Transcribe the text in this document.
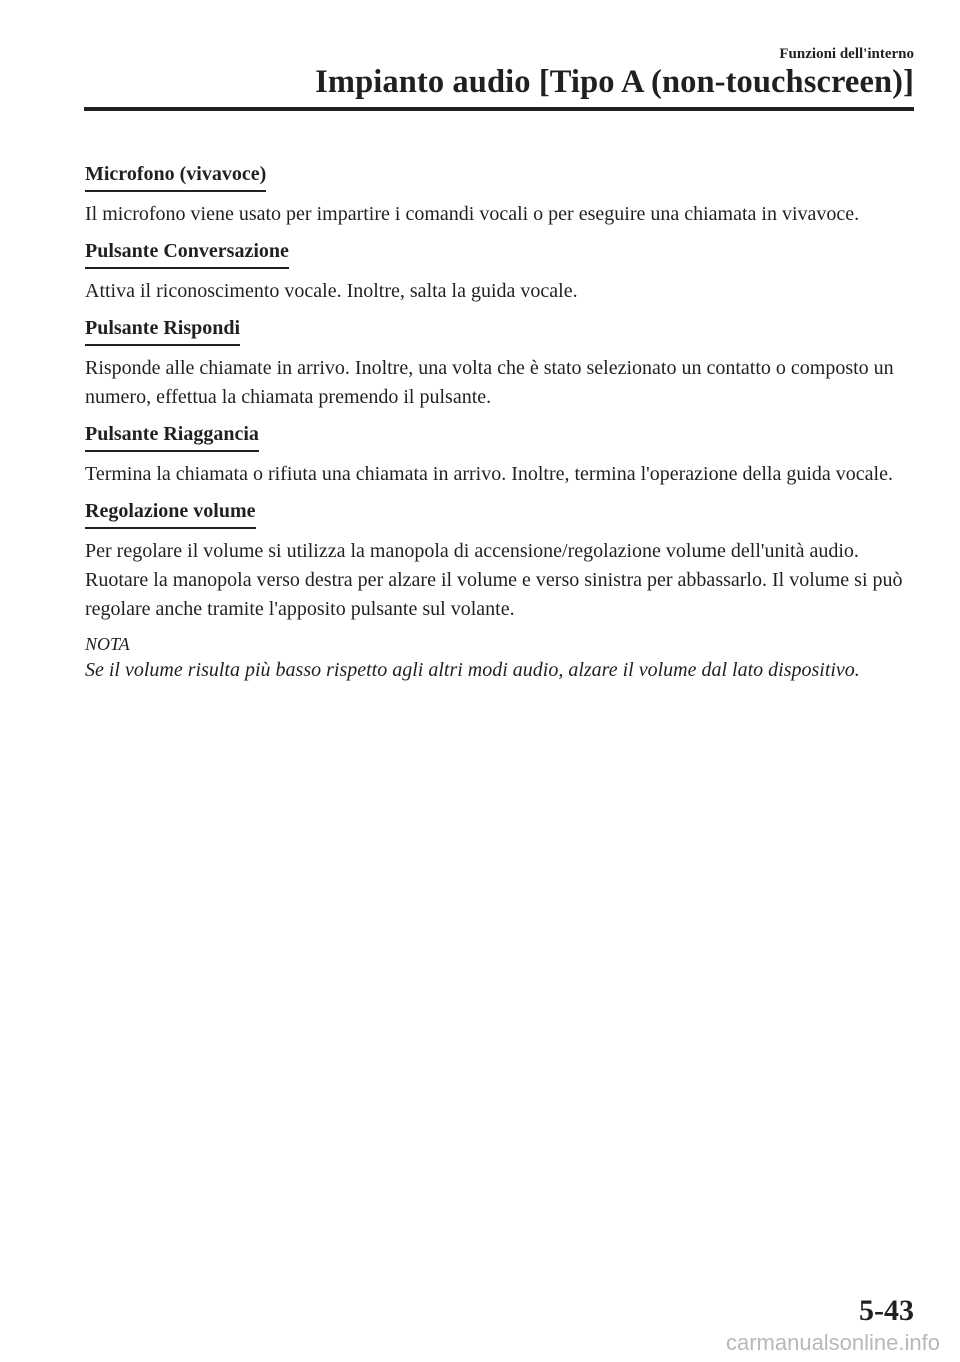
Funzioni dell'interno
Impianto audio [Tipo A (non-touchscreen)]
Microfono (vivavoce)

Il microfono viene usato per impartire i comandi vocali o per eseguire una chiamata in vivavoce.

Pulsante Conversazione

Attiva il riconoscimento vocale. Inoltre, salta la guida vocale.

Pulsante Rispondi

Risponde alle chiamate in arrivo. Inoltre, una volta che è stato selezionato un contatto o composto un numero, effettua la chiamata premendo il pulsante.

Pulsante Riaggancia

Termina la chiamata o rifiuta una chiamata in arrivo. Inoltre, termina l'operazione della guida vocale.

Regolazione volume

Per regolare il volume si utilizza la manopola di accensione/regolazione volume dell'unità audio. Ruotare la manopola verso destra per alzare il volume e verso sinistra per abbassarlo. Il volume si può regolare anche tramite l'apposito pulsante sul volante.

NOTA

Se il volume risulta più basso rispetto agli altri modi audio, alzare il volume dal lato dispositivo.

5-43
carmanualsonline.info
